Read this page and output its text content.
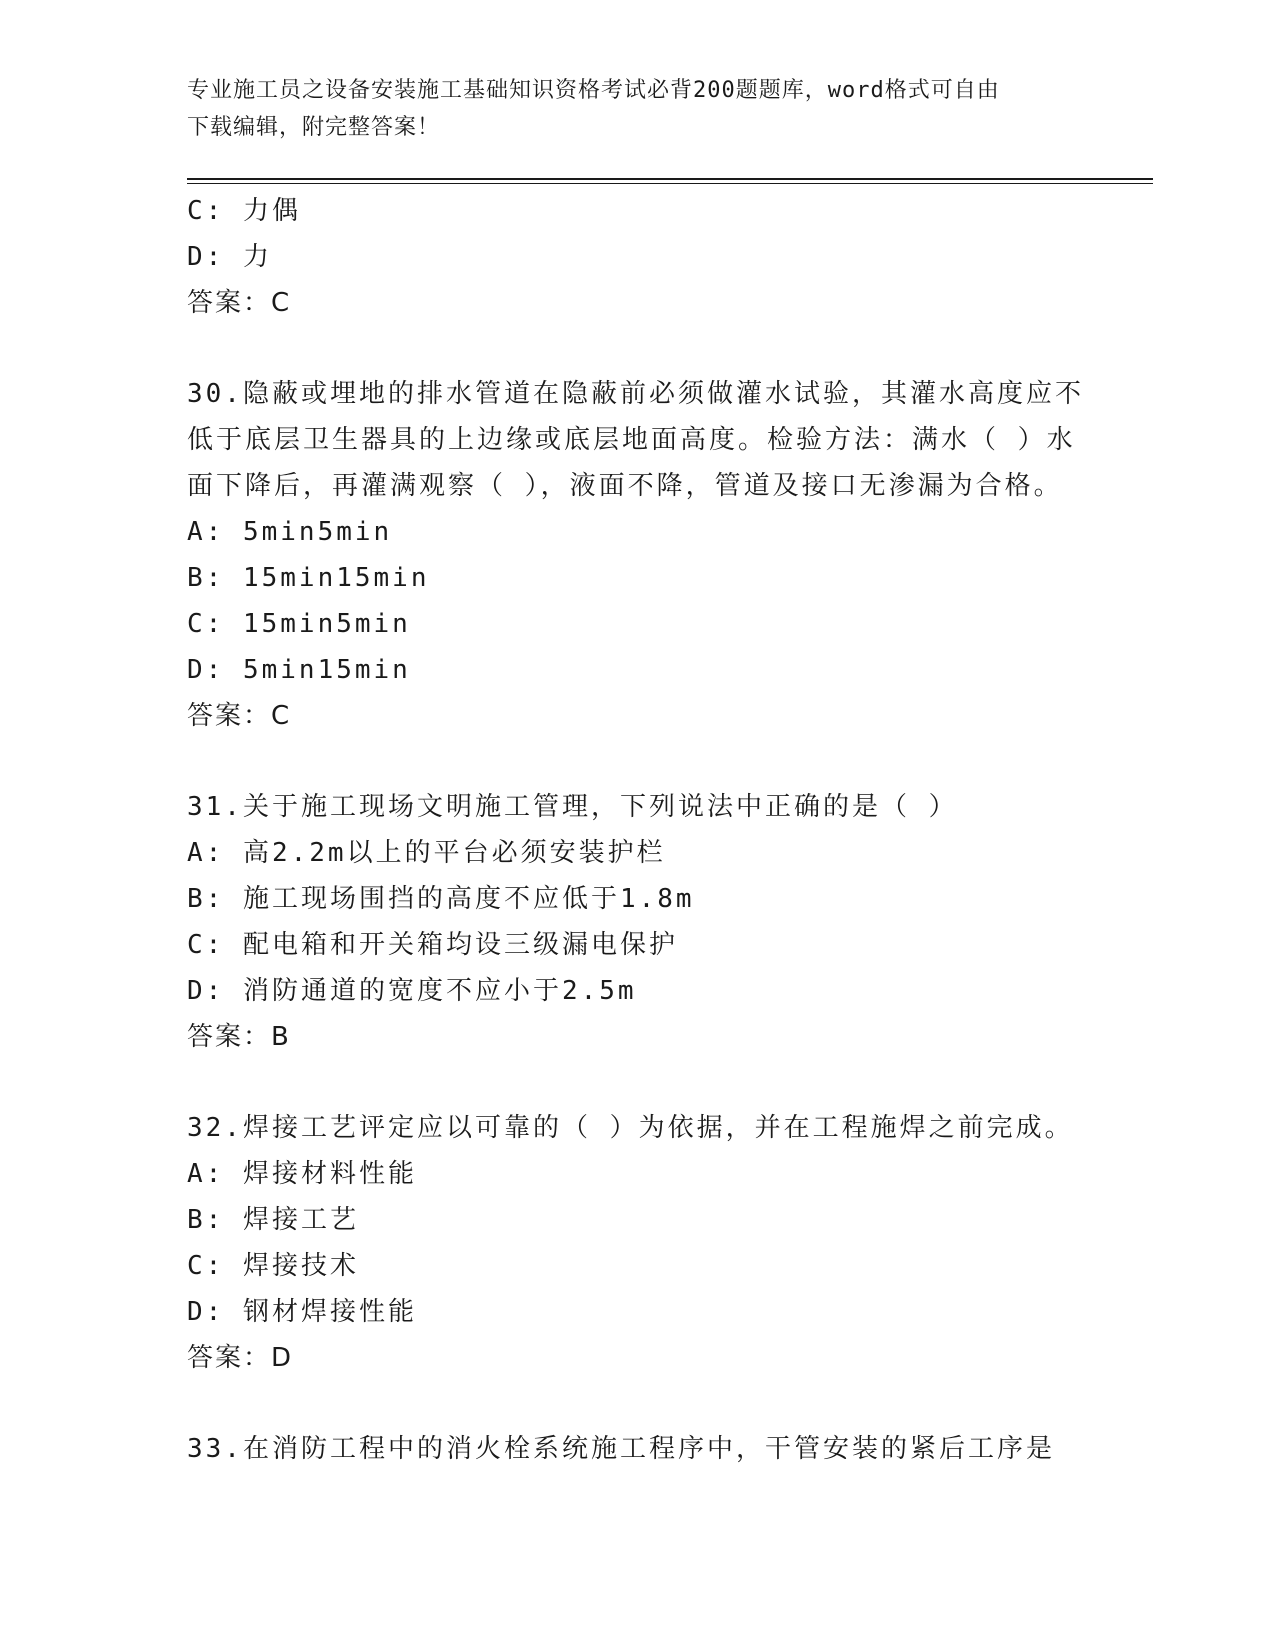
专业施工员之设备安装施工基础知识资格考试必背200题题库，word格式可自由
下载编辑，附完整答案！
C: 力偶
D: 力
答案：C
30.隐蔽或埋地的排水管道在隐蔽前必须做灌水试验，其灌水高度应不
低于底层卫生器具的上边缘或底层地面高度。检验方法：满水（ ）水
面下降后，再灌满观察（ ），液面不降，管道及接口无渗漏为合格。
A: 5min5min
B: 15min15min
C: 15min5min
D: 5min15min
答案：C
31.关于施工现场文明施工管理，下列说法中正确的是（ ）
A: 高2.2m以上的平台必须安装护栏
B: 施工现场围挡的高度不应低于1.8m
C: 配电箱和开关箱均设三级漏电保护
D: 消防通道的宽度不应小于2.5m
答案：B
32.焊接工艺评定应以可靠的（ ）为依据，并在工程施焊之前完成。
A: 焊接材料性能
B: 焊接工艺
C: 焊接技术
D: 钢材焊接性能
答案：D
33.在消防工程中的消火栓系统施工程序中，干管安装的紧后工序是
